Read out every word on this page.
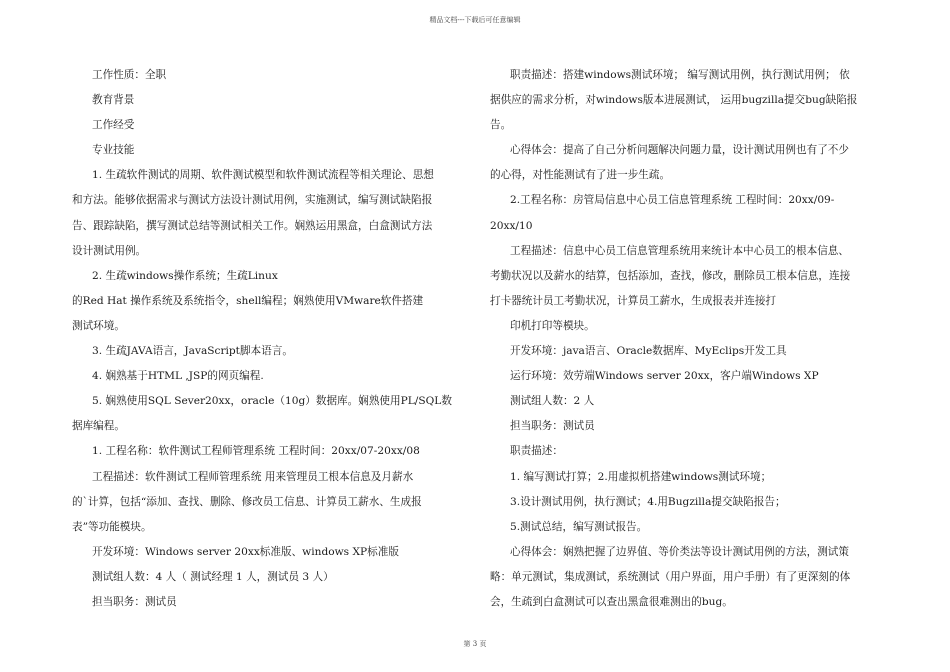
精品文档---下载后可任意编辑
工作性质：全职
教育背景
工作经受
专业技能
1. 生疏软件测试的周期、软件测试模型和软件测试流程等相关理论、思想
和方法。能够依据需求与测试方法设计测试用例，实施测试，编写测试缺陷报
告、跟踪缺陷，撰写测试总结等测试相关工作。娴熟运用黑盒，白盒测试方法
设计测试用例。
2. 生疏windows操作系统；生疏Linux
的Red Hat 操作系统及系统指令，shell编程；娴熟使用VMware软件搭建
测试环境。
3. 生疏JAVA语言，JavaScript脚本语言。
4. 娴熟基于HTML ,JSP的网页编程.
5. 娴熟使用SQL Sever20xx，oracle（10g）数据库。娴熟使用PL/SQL数
据库编程。
1. 工程名称：软件测试工程师管理系统 工程时间：20xx/07-20xx/08
工程描述：软件测试工程师管理系统 用来管理员工根本信息及月薪水
的`计算，包括“添加、查找、删除、修改员工信息、计算员工薪水、生成报
表”等功能模块。
开发环境：Windows server 20xx标准版、windows XP标准版
测试组人数：4 人（ 测试经理 1 人，测试员 3 人）
担当职务：测试员
职责描述：搭建windows测试环境； 编写测试用例，执行测试用例； 依
据供应的需求分析，对windows版本进展测试， 运用bugzilla提交bug缺陷报
告。
心得体会：提高了自己分析问题解决问题力量，设计测试用例也有了不少
的心得，对性能测试有了进一步生疏。
2.工程名称：房管局信息中心员工信息管理系统 工程时间：20xx/09-
20xx/10
工程描述：信息中心员工信息管理系统用来统计本中心员工的根本信息、
考勤状况以及薪水的结算，包括添加，查找，修改，删除员工根本信息，连接
打卡器统计员工考勤状况，计算员工薪水，生成报表并连接打
印机打印等模块。
开发环境：java语言、Oracle数据库、MyEclips开发工具
运行环境：效劳端Windows server 20xx，客户端Windows XP
测试组人数：2 人
担当职务：测试员
职责描述：
1. 编写测试打算；2.用虚拟机搭建windows测试环境；
3.设计测试用例，执行测试；4.用Bugzilla提交缺陷报告；
5.测试总结，编写测试报告。
心得体会：娴熟把握了边界值、等价类法等设计测试用例的方法，测试策
略：单元测试，集成测试，系统测试（用户界面，用户手册）有了更深刻的体
会，生疏到白盒测试可以查出黑盒很难测出的bug。
第 3 页
